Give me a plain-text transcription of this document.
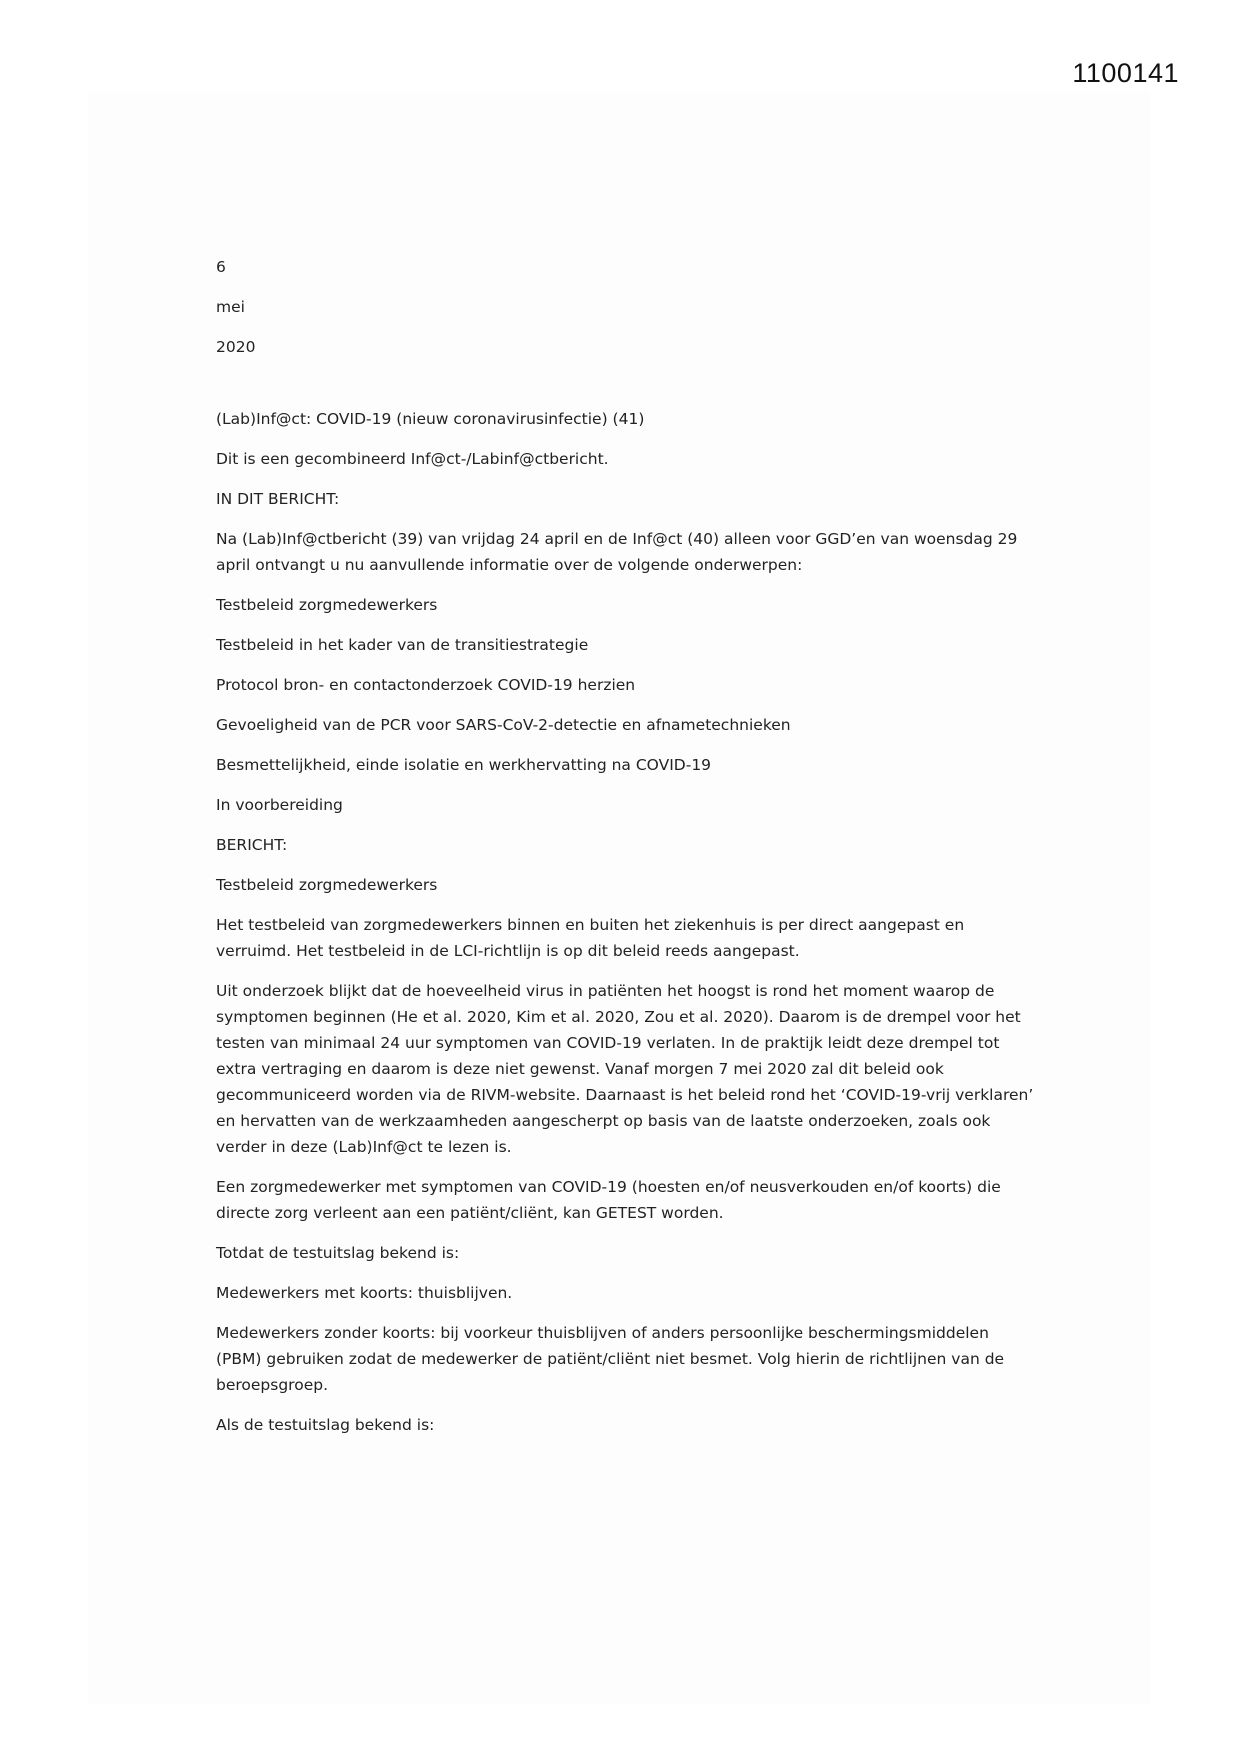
1100141
6
mei
2020

(Lab)Inf@ct: COVID-19 (nieuw coronavirusinfectie) (41)

Dit is een gecombineerd Inf@ct-/Labinf@ctbericht.

IN DIT BERICHT:

Na (Lab)Inf@ctbericht (39) van vrijdag 24 april en de Inf@ct (40) alleen voor GGD’en van woensdag 29 april ontvangt u nu aanvullende informatie over de volgende onderwerpen:

Testbeleid zorgmedewerkers

Testbeleid in het kader van de transitiestrategie

Protocol bron- en contactonderzoek COVID-19 herzien

Gevoeligheid van de PCR voor SARS-CoV-2-detectie en afnametechnieken

Besmettelijkheid, einde isolatie en werkhervatting na COVID-19

In voorbereiding

BERICHT:

Testbeleid zorgmedewerkers

Het testbeleid van zorgmedewerkers binnen en buiten het ziekenhuis is per direct aangepast en verruimd. Het testbeleid in de LCI-richtlijn is op dit beleid reeds aangepast.

Uit onderzoek blijkt dat de hoeveelheid virus in patiënten het hoogst is rond het moment waarop de symptomen beginnen (He et al. 2020, Kim et al. 2020, Zou et al. 2020). Daarom is de drempel voor het testen van minimaal 24 uur symptomen van COVID-19 verlaten. In de praktijk leidt deze drempel tot extra vertraging en daarom is deze niet gewenst. Vanaf morgen 7 mei 2020 zal dit beleid ook gecommuniceerd worden via de RIVM-website. Daarnaast is het beleid rond het ‘COVID-19-vrij verklaren’ en hervatten van de werkzaamheden aangescherpt op basis van de laatste onderzoeken, zoals ook verder in deze (Lab)Inf@ct te lezen is.

Een zorgmedewerker met symptomen van COVID-19 (hoesten en/of neusverkouden en/of koorts) die directe zorg verleent aan een patiënt/cliënt, kan GETEST worden.

Totdat de testuitslag bekend is:

Medewerkers met koorts: thuisblijven.

Medewerkers zonder koorts: bij voorkeur thuisblijven of anders persoonlijke beschermingsmiddelen (PBM) gebruiken zodat de medewerker de patiënt/cliënt niet besmet. Volg hierin de richtlijnen van de beroepsgroep.

Als de testuitslag bekend is:
